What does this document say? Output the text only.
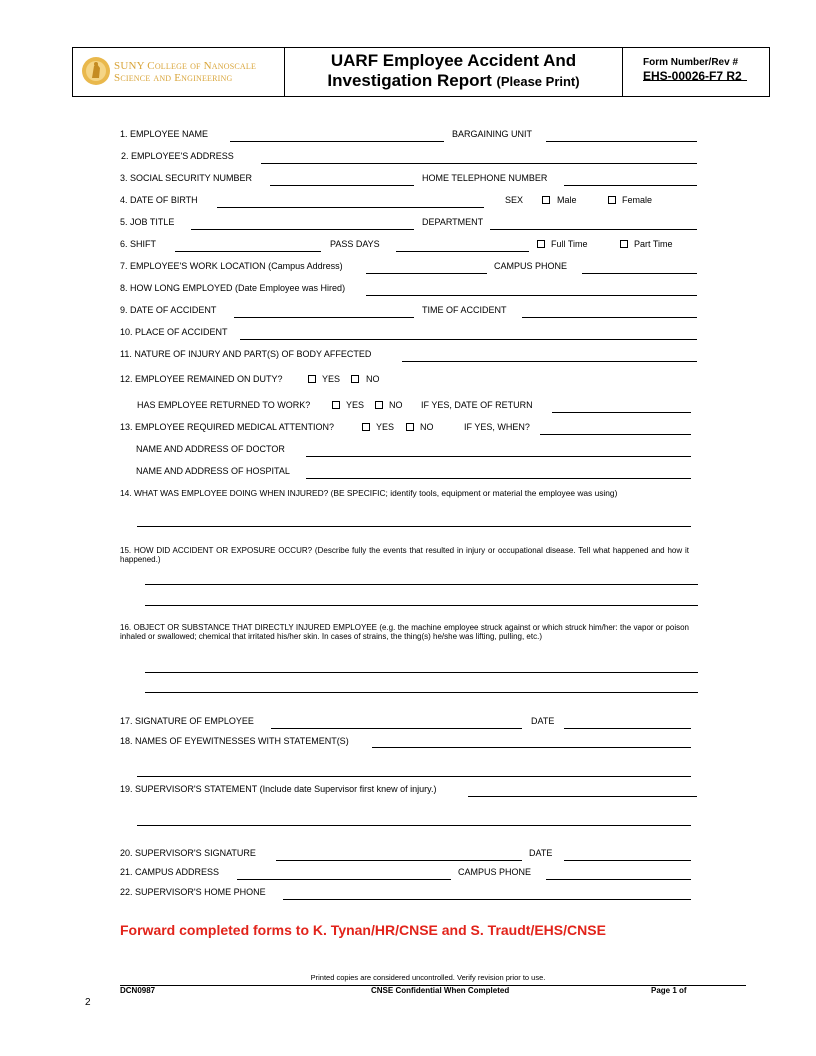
SUNY College of Nanoscale
Science and Engineering
UARF Employee Accident And
Investigation Report (Please Print)
Form Number/Rev #
EHS-00026-F7 R2
1. EMPLOYEE NAME	BARGAINING UNIT
2. EMPLOYEE'S ADDRESS
3. SOCIAL SECURITY NUMBER	HOME TELEPHONE NUMBER
4. DATE OF BIRTH	SEX	Male	Female
5. JOB TITLE	DEPARTMENT
6. SHIFT	PASS DAYS	Full Time	Part Time
7. EMPLOYEE'S WORK LOCATION (Campus Address)	CAMPUS PHONE
8. HOW LONG EMPLOYED (Date Employee was Hired)
9. DATE OF ACCIDENT	TIME OF ACCIDENT
10. PLACE OF ACCIDENT
11. NATURE OF INJURY AND PART(S) OF BODY AFFECTED
12. EMPLOYEE REMAINED ON DUTY?	YES	NO
HAS EMPLOYEE RETURNED TO WORK?	YES	NO IF YES, DATE OF RETURN
13. EMPLOYEE REQUIRED MEDICAL ATTENTION?	YES	NO	IF YES, WHEN?
NAME AND ADDRESS OF DOCTOR
NAME AND ADDRESS OF HOSPITAL
14. WHAT WAS EMPLOYEE DOING WHEN INJURED? (BE SPECIFIC; identify tools, equipment or material the employee was using)
15. HOW DID ACCIDENT OR EXPOSURE OCCUR? (Describe fully the events that resulted in injury or occupational disease. Tell what happened and how it happened.)
16. OBJECT OR SUBSTANCE THAT DIRECTLY INJURED EMPLOYEE (e.g. the machine employee struck against or which struck him/her: the vapor or poison inhaled or swallowed; chemical that irritated his/her skin. In cases of strains, the thing(s) he/she was lifting, pulling, etc.)
17. SIGNATURE OF EMPLOYEE	DATE
18. NAMES OF EYEWITNESSES WITH STATEMENT(S)
19. SUPERVISOR'S STATEMENT (Include date Supervisor first knew of injury.)
20. SUPERVISOR'S SIGNATURE	DATE
21. CAMPUS ADDRESS	CAMPUS PHONE
22. SUPERVISOR'S HOME PHONE
Forward completed forms to K. Tynan/HR/CNSE and S. Traudt/EHS/CNSE
Printed copies are considered uncontrolled. Verify revision prior to use.
DCN0987	CNSE Confidential When Completed	Page 1 of
2
